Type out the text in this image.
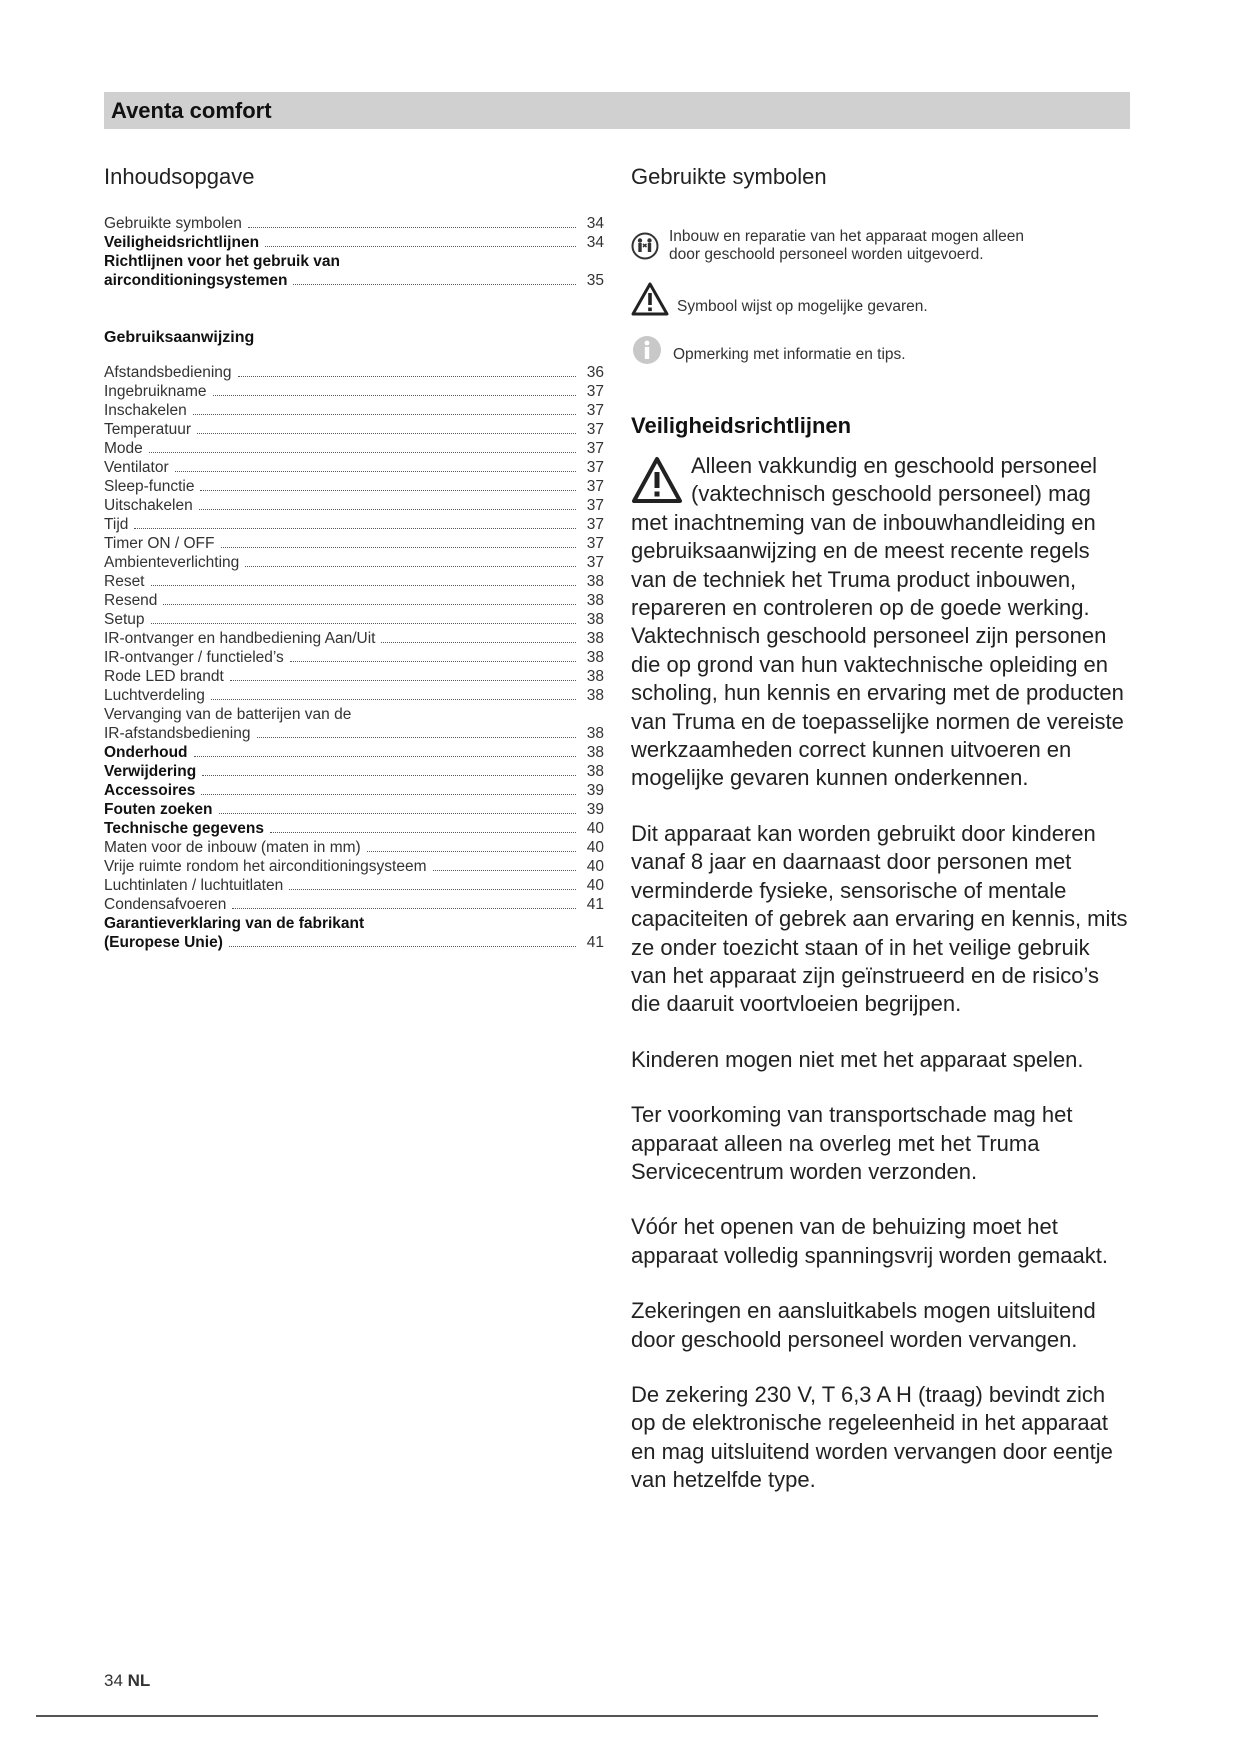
Aventa comfort
Inhoudsopgave
Gebruikte symbolen	34
Veiligheidsrichtlijnen	34
Richtlijnen voor het gebruik van
airconditioningsystemen	35
Gebruiksaanwijzing
Afstandsbediening	36
Ingebruikname	37
Inschakelen	37
Temperatuur	37
Mode	37
Ventilator	37
Sleep-functie	37
Uitschakelen	37
Tijd	37
Timer ON / OFF	37
Ambienteverlichting	37
Reset	38
Resend	38
Setup	38
IR-ontvanger en handbediening Aan/Uit	38
IR-ontvanger / functieled’s	38
Rode LED brandt	38
Luchtverdeling	38
Vervanging van de batterijen van de
IR-afstandsbediening	38
Onderhoud	38
Verwijdering	38
Accessoires	39
Fouten zoeken	39
Technische gegevens	40
Maten voor de inbouw (maten in mm)	40
Vrije ruimte rondom het airconditioningsysteem	40
Luchtinlaten / luchtuitlaten	40
Condensafvoeren	41
Garantieverklaring van de fabrikant
(Europese Unie)	41
Gebruikte symbolen
Inbouw en reparatie van het apparaat mogen alleen
door geschoold personeel worden uitgevoerd.
Symbool wijst op mogelijke gevaren.
Opmerking met informatie en tips.
Veiligheidsrichtlijnen

Alleen vakkundig en geschoold personeel (vaktechnisch geschoold personeel) mag met inachtneming van de inbouwhandleiding en gebruiksaanwijzing en de meest recente regels van de techniek het Truma product inbouwen, repareren en controleren op de goede werking. Vaktechnisch geschoold personeel zijn personen die op grond van hun vaktechnische opleiding en scholing, hun kennis en ervaring met de producten van Truma en de toepasselijke normen de vereiste werkzaamheden correct kunnen uitvoeren en mogelijke gevaren kunnen onderkennen.

Dit apparaat kan worden gebruikt door kinderen vanaf 8 jaar en daarnaast door personen met verminderde fysieke, sensorische of mentale capaciteiten of gebrek aan ervaring en kennis, mits ze onder toezicht staan of in het veilige gebruik van het apparaat zijn geïnstrueerd en de risico’s die daaruit voortvloeien begrijpen.

Kinderen mogen niet met het apparaat spelen.

Ter voorkoming van transportschade mag het apparaat alleen na overleg met het Truma Servicecentrum worden verzonden.

Vóór het openen van de behuizing moet het apparaat volledig spanningsvrij worden gemaakt.

Zekeringen en aansluitkabels mogen uitsluitend door geschoold personeel worden vervangen.

De zekering 230 V, T 6,3 A H (traag) bevindt zich op de elektronische regeleenheid in het apparaat en mag uitsluitend worden vervangen door eentje van hetzelfde type.

34 NL
